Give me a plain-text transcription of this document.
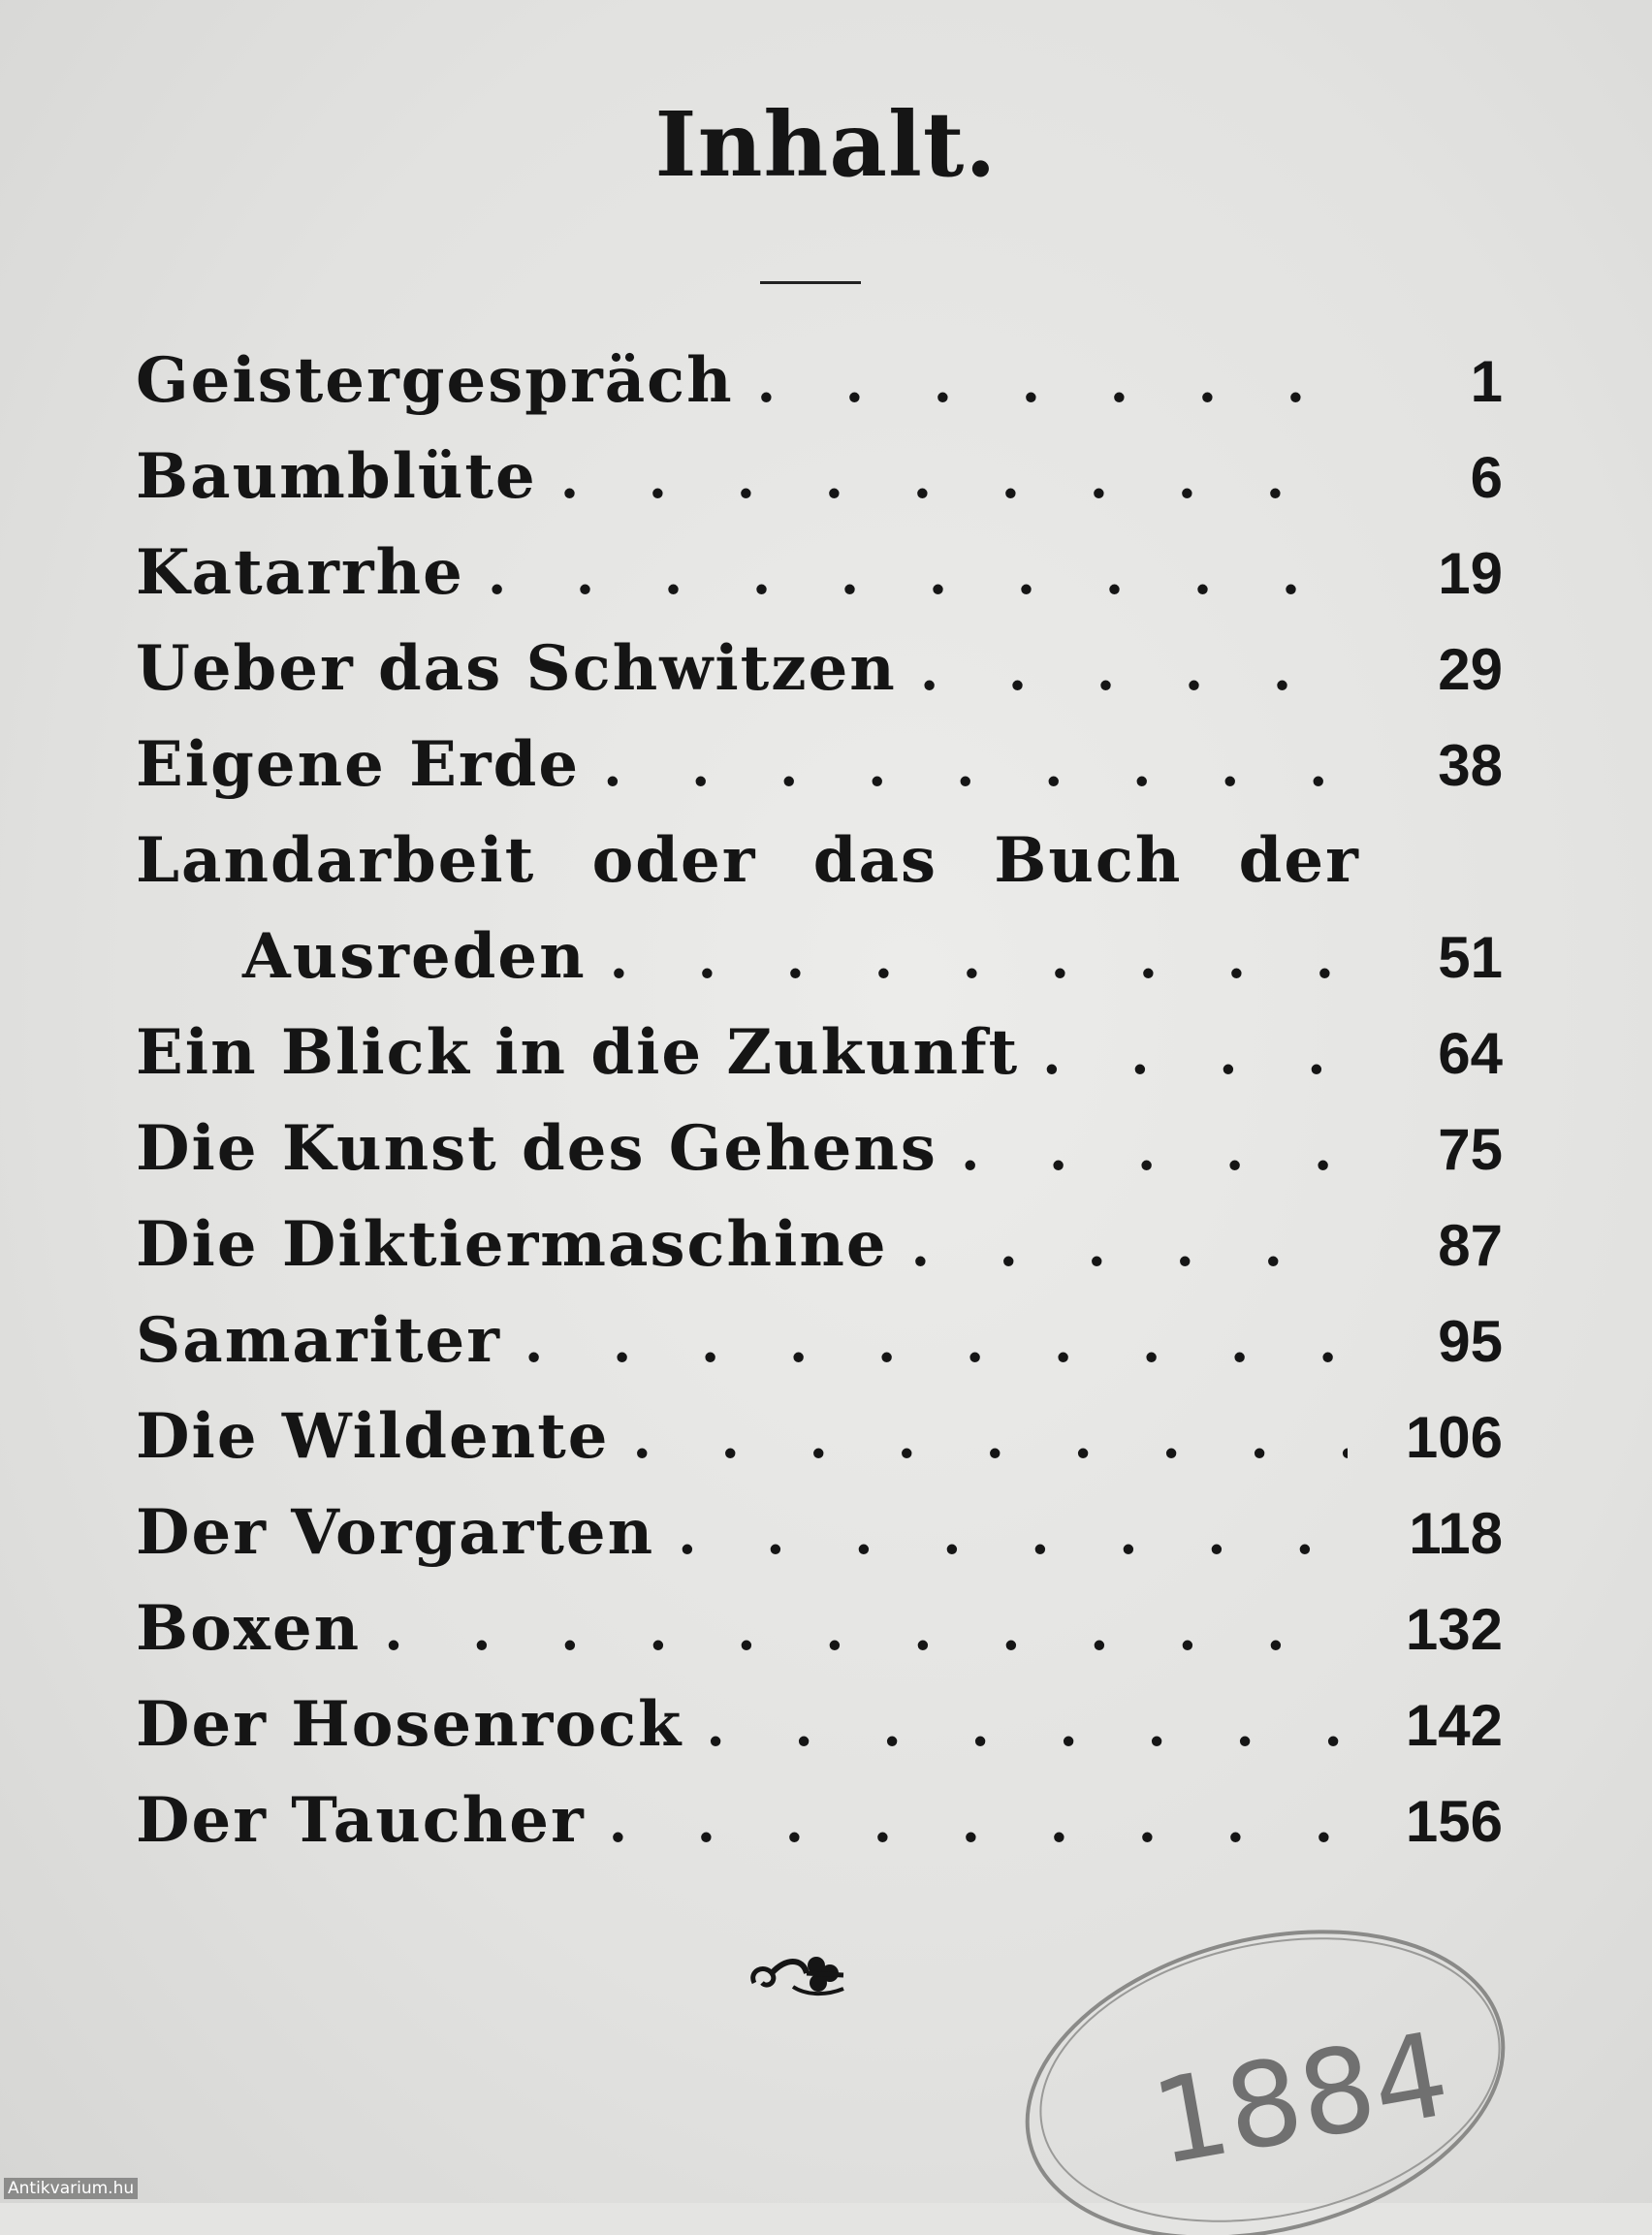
Inhalt.
Geistergespräch . . .	1
Baumblüte . . .	6
Katarrhe . . .	19
Ueber das Schwitzen . . .	29
Eigene Erde . . .	38
Landarbeit oder das Buch der
Ausreden . . .	51
Ein Blick in die Zukunft . . .	64
Die Kunst des Gehens . . .	75
Die Diktiermaschine . . .	87
Samariter . . .	95
Die Wildente . . .	106
Der Vorgarten . . .	118
Boxen . . .	132
Der Hosenrock . . .	142
Der Taucher . . .	156
1884
Antikvarium.hu
